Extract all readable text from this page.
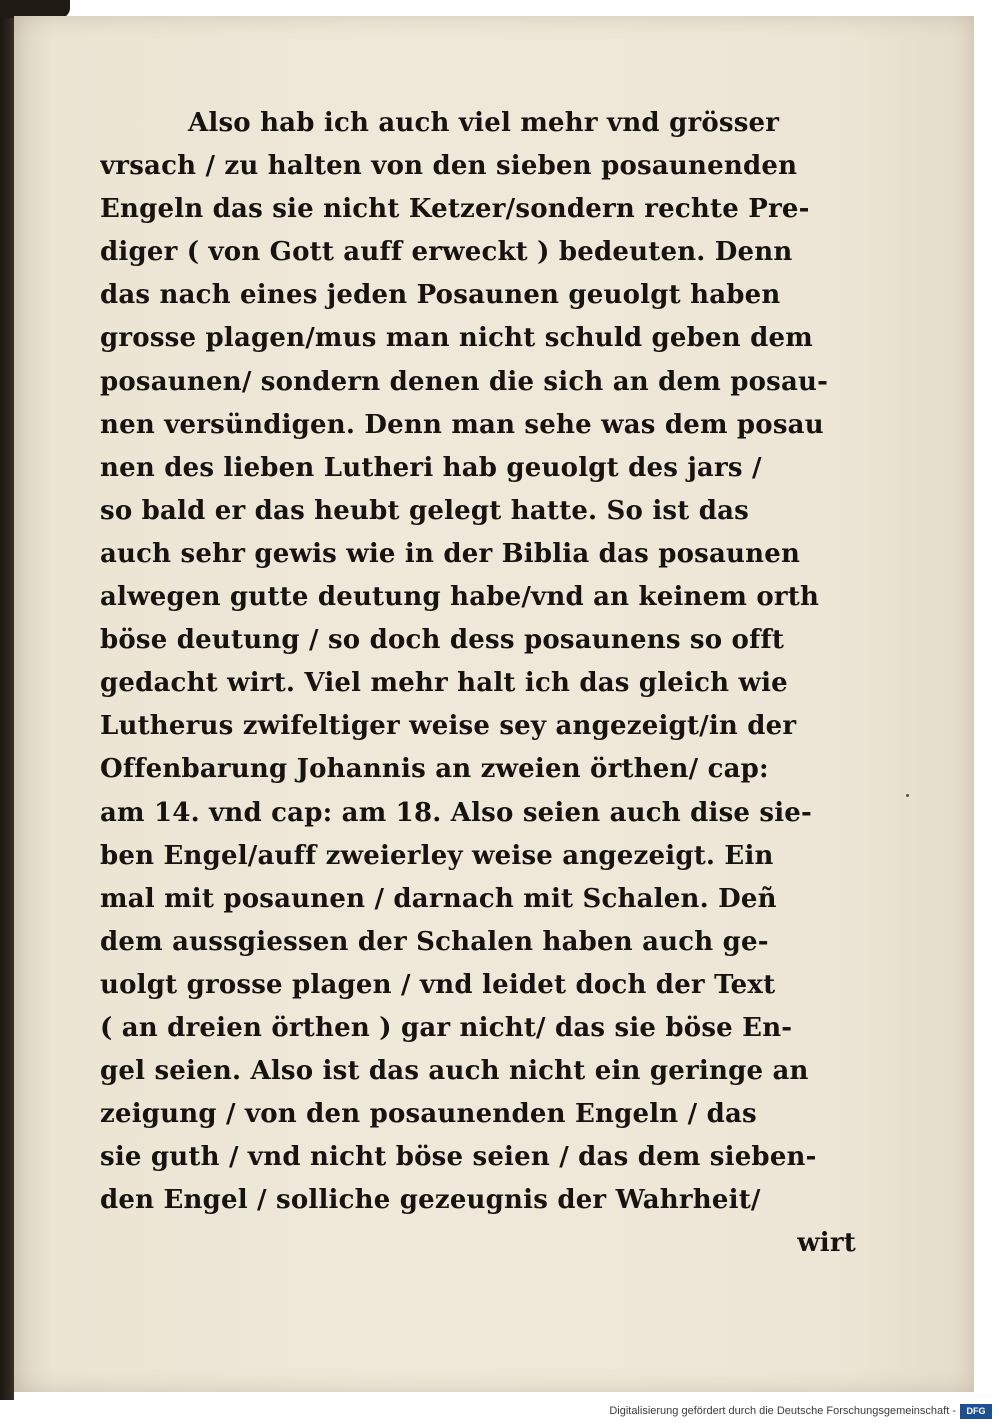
Also hab ich auch viel mehr vnd grösser
vrsach / zu halten von den sieben posaunenden
Engeln das sie nicht Ketzer/sondern rechte Pre-
diger ( von Gott auff erweckt ) bedeuten. Denn
das nach eines jeden Posaunen geuolgt haben
grosse plagen/mus man nicht schuld geben dem
posaunen/ sondern denen die sich an dem posau-
nen versündigen. Denn man sehe was dem posau
nen des lieben Lutheri hab geuolgt des jars /
so bald er das heubt gelegt hatte. So ist das
auch sehr gewis wie in der Biblia das posaunen
alwegen gutte deutung habe/vnd an keinem orth
böse deutung / so doch dess posaunens so offt
gedacht wirt. Viel mehr halt ich das gleich wie
Lutherus zwifeltiger weise sey angezeigt/in der
Offenbarung Johannis an zweien örthen/ cap:
am 14. vnd cap: am 18. Also seien auch dise sie-
ben Engel/auff zweierley weise angezeigt. Ein
mal mit posaunen / darnach mit Schalen. Deñ
dem aussgiessen der Schalen haben auch ge-
uolgt grosse plagen / vnd leidet doch der Text
( an dreien örthen ) gar nicht/ das sie böse En-
gel seien. Also ist das auch nicht ein geringe an
zeigung / von den posaunenden Engeln / das
sie guth / vnd nicht böse seien / das dem sieben-
den Engel / solliche gezeugnis der Wahrheit/
wirt
Digitalisierung gefördert durch die Deutsche Forschungsgemeinschaft -	DFG
